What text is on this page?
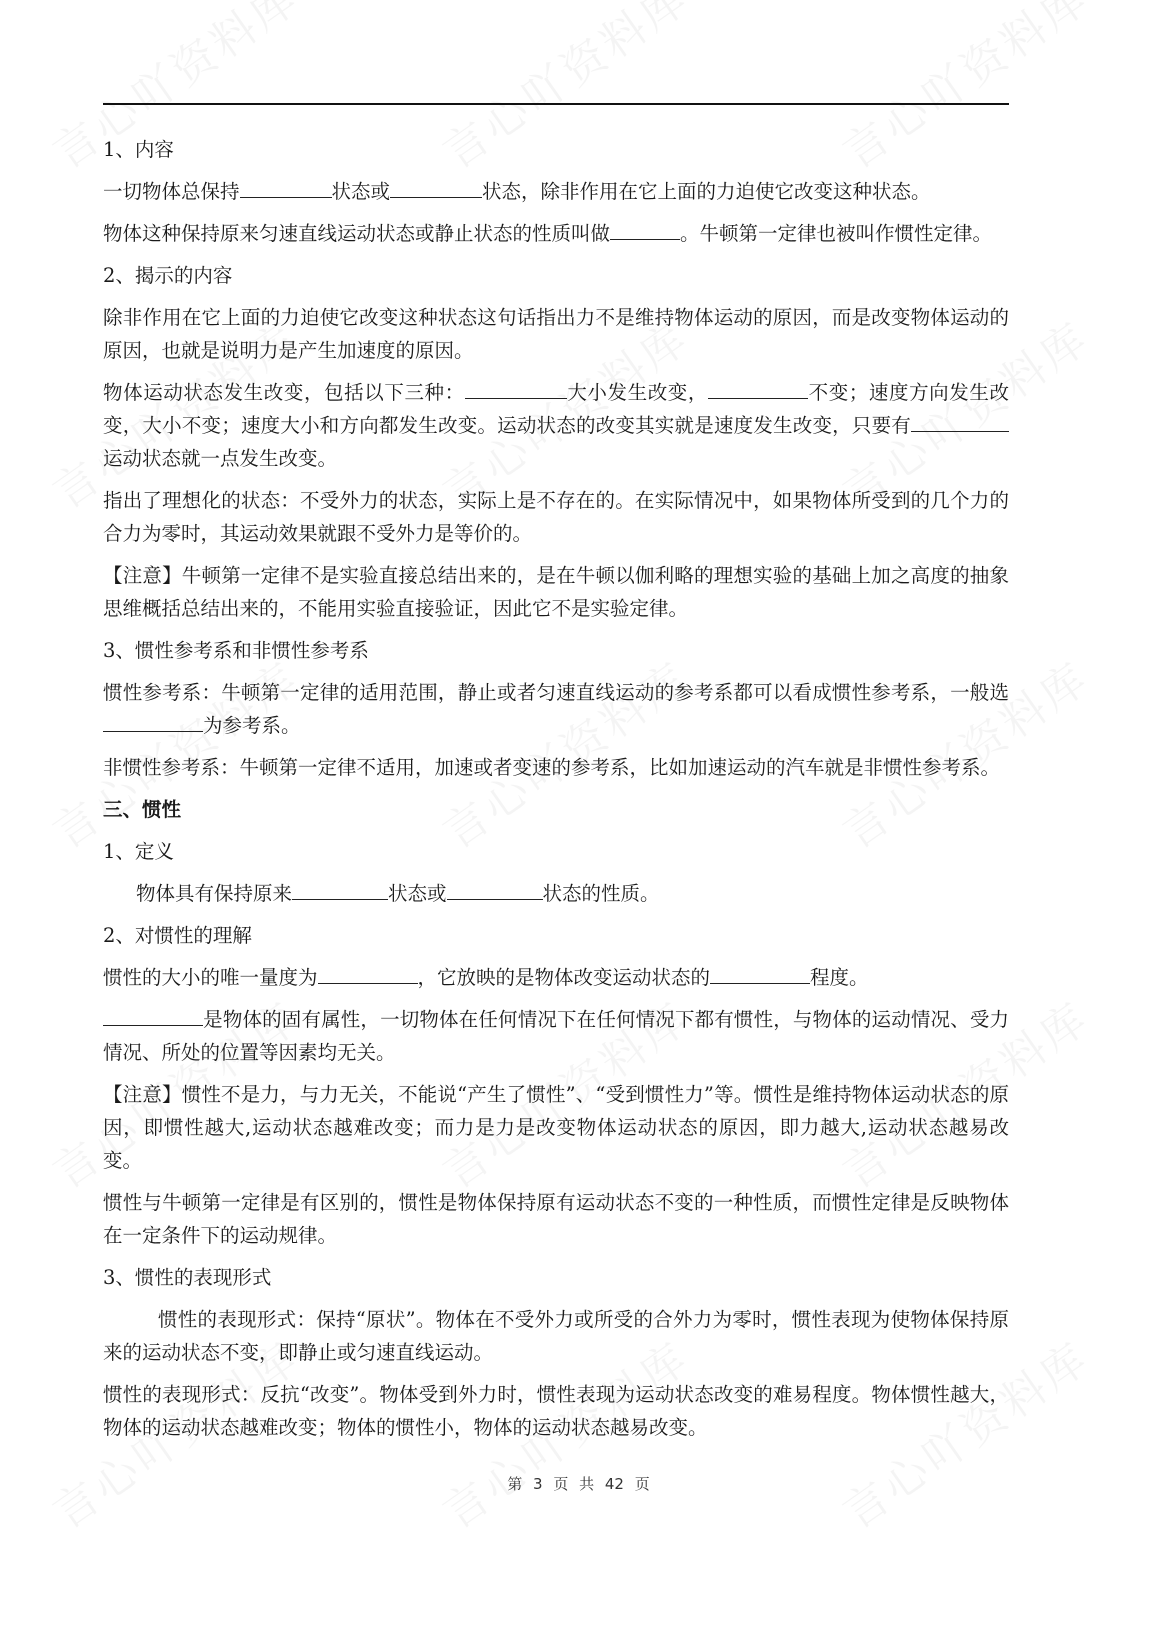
1、内容

一切物体总保持	状态或	状态，除非作用在它上面的力迫使它改变这种状态。

物体这种保持原来匀速直线运动状态或静止状态的性质叫做	。牛顿第一定律也被叫作惯性定律。

2、揭示的内容

除非作用在它上面的力迫使它改变这种状态这句话指出力不是维持物体运动的原因，而是改变物体运动的原因，也就是说明力是产生加速度的原因。

物体运动状态发生改变，包括以下三种：	大小发生改变，	不变；速度方向发生改变，大小不变；速度大小和方向都发生改变。运动状态的改变其实就是速度发生改变，只要有运动状态就一点发生改变。

指出了理想化的状态：不受外力的状态，实际上是不存在的。在实际情况中，如果物体所受到的几个力的合力为零时，其运动效果就跟不受外力是等价的。

【注意】牛顿第一定律不是实验直接总结出来的，是在牛顿以伽利略的理想实验的基础上加之高度的抽象思维概括总结出来的，不能用实验直接验证，因此它不是实验定律。

3、惯性参考系和非惯性参考系

惯性参考系：牛顿第一定律的适用范围，静止或者匀速直线运动的参考系都可以看成惯性参考系，一般选为参考系。

非惯性参考系：牛顿第一定律不适用，加速或者变速的参考系，比如加速运动的汽车就是非惯性参考系。

三、惯性

1、定义

物体具有保持原来	状态或	状态的性质。

2、对惯性的理解

惯性的大小的唯一量度为	，它放映的是物体改变运动状态的	程度。

是物体的固有属性，一切物体在任何情况下在任何情况下都有惯性，与物体的运动情况、受力情况、所处的位置等因素均无关。

【注意】惯性不是力，与力无关，不能说“产生了惯性”、“受到惯性力”等。惯性是维持物体运动状态的原因，即惯性越大,运动状态越难改变；而力是力是改变物体运动状态的原因，即力越大,运动状态越易改变。

惯性与牛顿第一定律是有区别的，惯性是物体保持原有运动状态不变的一种性质，而惯性定律是反映物体在一定条件下的运动规律。

3、惯性的表现形式

惯性的表现形式：保持“原状”。物体在不受外力或所受的合外力为零时，惯性表现为使物体保持原来的运动状态不变，即静止或匀速直线运动。

惯性的表现形式：反抗“改变”。物体受到外力时，惯性表现为运动状态改变的难易程度。物体惯性越大，物体的运动状态越难改变；物体的惯性小，物体的运动状态越易改变。

第 3 页 共 42 页
